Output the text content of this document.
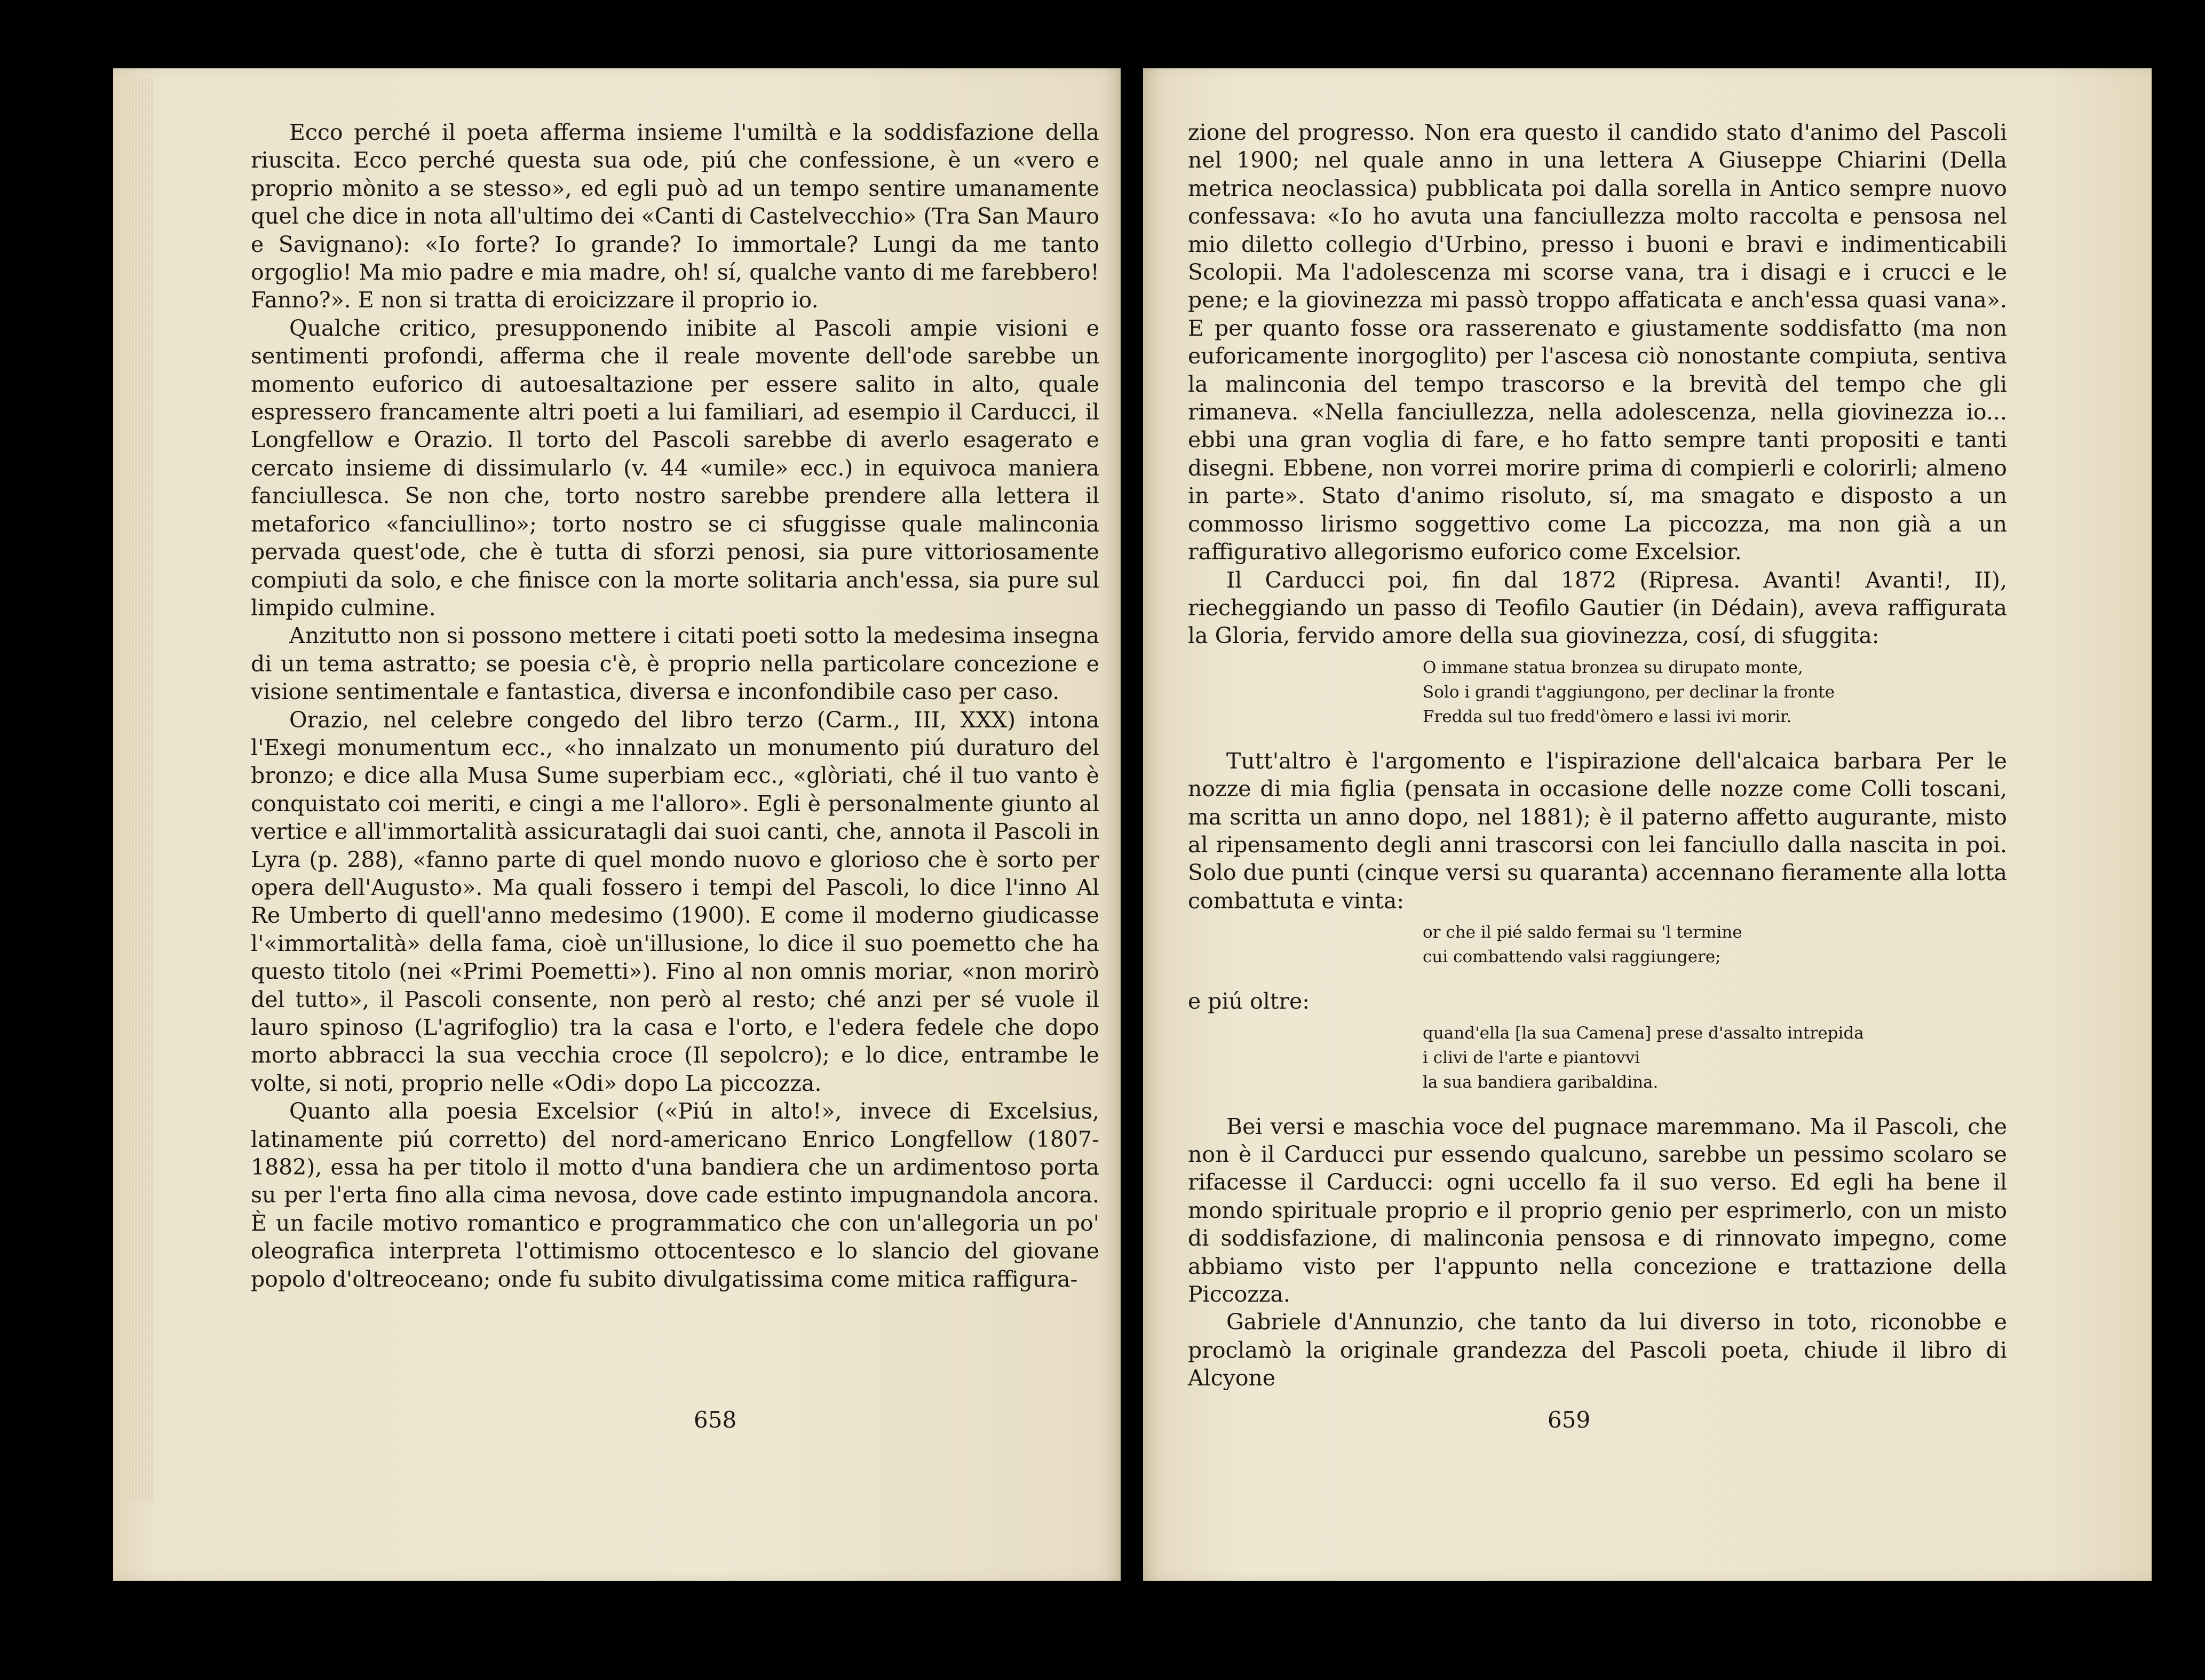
Ecco perché il poeta afferma insieme l'umiltà e la soddisfazione della riuscita. Ecco perché questa sua ode, piú che confessione, è un «vero e proprio mònito a se stesso», ed egli può ad un tempo sentire umanamente quel che dice in nota all'ultimo dei «Canti di Castelvecchio» (Tra San Mauro e Savignano): «Io forte? Io grande? Io immortale? Lungi da me tanto orgoglio! Ma mio padre e mia madre, oh! sí, qualche vanto di me farebbero! Fanno?». E non si tratta di eroicizzare il proprio io.

Qualche critico, presupponendo inibite al Pascoli ampie visioni e sentimenti profondi, afferma che il reale movente dell'ode sarebbe un momento euforico di autoesaltazione per essere salito in alto, quale espressero francamente altri poeti a lui familiari, ad esempio il Carducci, il Longfellow e Orazio. Il torto del Pascoli sarebbe di averlo esagerato e cercato insieme di dissimularlo (v. 44 «umile» ecc.) in equivoca maniera fanciullesca. Se non che, torto nostro sarebbe prendere alla lettera il metaforico «fanciullino»; torto nostro se ci sfuggisse quale malinconia pervada quest'ode, che è tutta di sforzi penosi, sia pure vittoriosamente compiuti da solo, e che finisce con la morte solitaria anch'essa, sia pure sul limpido culmine.

Anzitutto non si possono mettere i citati poeti sotto la medesima insegna di un tema astratto; se poesia c'è, è proprio nella particolare concezione e visione sentimentale e fantastica, diversa e inconfondibile caso per caso.

Orazio, nel celebre congedo del libro terzo (Carm., III, XXX) intona l'Exegi monumentum ecc., «ho innalzato un monumento piú duraturo del bronzo; e dice alla Musa Sume superbiam ecc., «glòriati, ché il tuo vanto è conquistato coi meriti, e cingi a me l'alloro». Egli è personalmente giunto al vertice e all'immortalità assicuratagli dai suoi canti, che, annota il Pascoli in Lyra (p. 288), «fanno parte di quel mondo nuovo e glorioso che è sorto per opera dell'Augusto». Ma quali fossero i tempi del Pascoli, lo dice l'inno Al Re Umberto di quell'anno medesimo (1900). E come il moderno giudicasse l'«immortalità» della fama, cioè un'illusione, lo dice il suo poemetto che ha questo titolo (nei «Primi Poemetti»). Fino al non omnis moriar, «non morirò del tutto», il Pascoli consente, non però al resto; ché anzi per sé vuole il lauro spinoso (L'agrifoglio) tra la casa e l'orto, e l'edera fedele che dopo morto abbracci la sua vecchia croce (Il sepolcro); e lo dice, entrambe le volte, si noti, proprio nelle «Odi» dopo La piccozza.

Quanto alla poesia Excelsior («Piú in alto!», invece di Excelsius, latinamente piú corretto) del nord-americano Enrico Longfellow (1807-1882), essa ha per titolo il motto d'una bandiera che un ardimentoso porta su per l'erta fino alla cima nevosa, dove cade estinto impugnandola ancora. È un facile motivo romantico e programmatico che con un'allegoria un po' oleografica interpreta l'ottimismo ottocentesco e lo slancio del giovane popolo d'oltreoceano; onde fu subito divulgatissima come mitica raffigura-

zione del progresso. Non era questo il candido stato d'animo del Pascoli nel 1900; nel quale anno in una lettera A Giuseppe Chiarini (Della metrica neoclassica) pubblicata poi dalla sorella in Antico sempre nuovo confessava: «Io ho avuta una fanciullezza molto raccolta e pensosa nel mio diletto collegio d'Urbino, presso i buoni e bravi e indimenticabili Scolopii. Ma l'adolescenza mi scorse vana, tra i disagi e i crucci e le pene; e la giovinezza mi passò troppo affaticata e anch'essa quasi vana». E per quanto fosse ora rasserenato e giustamente soddisfatto (ma non euforicamente inorgoglito) per l'ascesa ciò nonostante compiuta, sentiva la malinconia del tempo trascorso e la brevità del tempo che gli rimaneva. «Nella fanciullezza, nella adolescenza, nella giovinezza io... ebbi una gran voglia di fare, e ho fatto sempre tanti propositi e tanti disegni. Ebbene, non vorrei morire prima di compierli e colorirli; almeno in parte». Stato d'animo risoluto, sí, ma smagato e disposto a un commosso lirismo soggettivo come La piccozza, ma non già a un raffigurativo allegorismo euforico come Excelsior.

Il Carducci poi, fin dal 1872 (Ripresa. Avanti! Avanti!, II), riecheggiando un passo di Teofilo Gautier (in Dédain), aveva raffigurata la Gloria, fervido amore della sua giovinezza, cosí, di sfuggita:

O immane statua bronzea su dirupato monte,
Solo i grandi t'aggiungono, per declinar la fronte
Fredda sul tuo fredd'òmero e lassi ivi morir.

Tutt'altro è l'argomento e l'ispirazione dell'alcaica barbara Per le nozze di mia figlia (pensata in occasione delle nozze come Colli toscani, ma scritta un anno dopo, nel 1881); è il paterno affetto augurante, misto al ripensamento degli anni trascorsi con lei fanciullo dalla nascita in poi. Solo due punti (cinque versi su quaranta) accennano fieramente alla lotta combattuta e vinta:

or che il pié saldo fermai su 'l termine
cui combattendo valsi raggiungere;

e piú oltre:

quand'ella [la sua Camena] prese d'assalto intrepida
i clivi de l'arte e piantovvi
la sua bandiera garibaldina.

Bei versi e maschia voce del pugnace maremmano. Ma il Pascoli, che non è il Carducci pur essendo qualcuno, sarebbe un pessimo scolaro se rifacesse il Carducci: ogni uccello fa il suo verso. Ed egli ha bene il mondo spirituale proprio e il proprio genio per esprimerlo, con un misto di soddisfazione, di malinconia pensosa e di rinnovato impegno, come abbiamo visto per l'appunto nella concezione e trattazione della Piccozza.

Gabriele d'Annunzio, che tanto da lui diverso in toto, riconobbe e proclamò la originale grandezza del Pascoli poeta, chiude il libro di Alcyone

658	659
